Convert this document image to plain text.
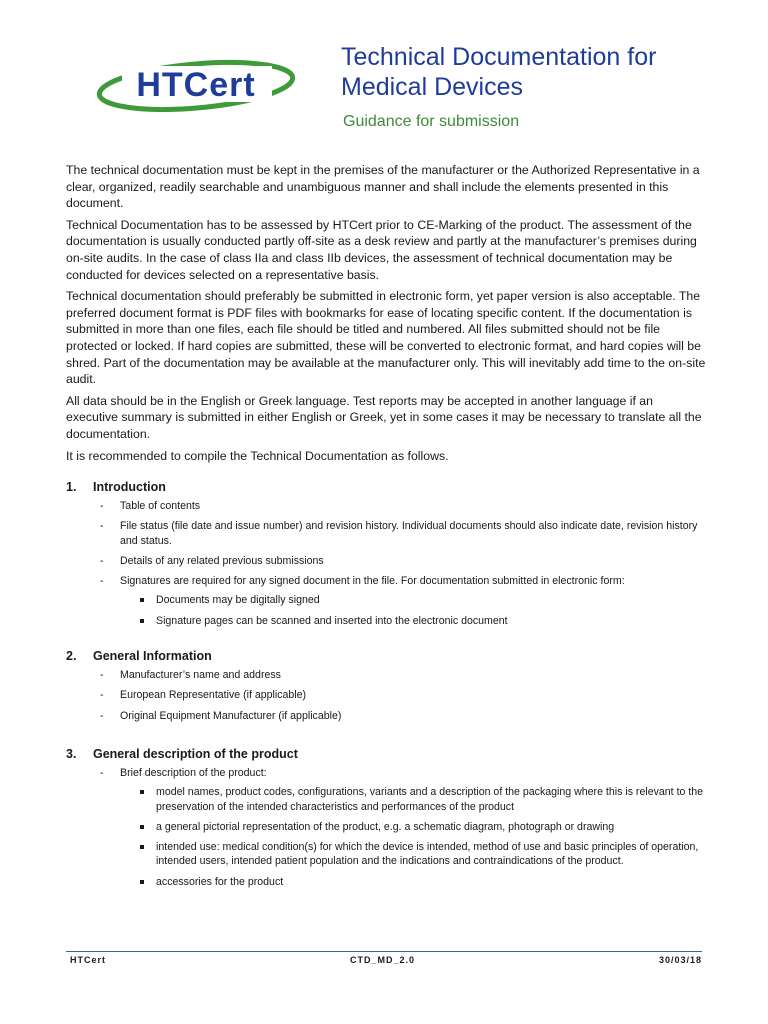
HTCert
Technical Documentation for Medical Devices
Guidance for submission

The technical documentation must be kept in the premises of the manufacturer or the Authorized Representative in a clear, organized, readily searchable and unambiguous manner and shall include the elements presented in this document.

Technical Documentation has to be assessed by HTCert prior to CE-Marking of the product. The assessment of the documentation is usually conducted partly off-site as a desk review and partly at the manufacturer’s premises during on-site audits. In the case of class IIa and class IIb devices, the assessment of technical documentation may be conducted for devices selected on a representative basis.

Technical documentation should preferably be submitted in electronic form, yet paper version is also acceptable. The preferred document format is PDF files with bookmarks for ease of locating specific content. If the documentation is submitted in more than one files, each file should be titled and numbered. All files submitted should not be file protected or locked. If hard copies are submitted, these will be converted to electronic format, and hard copies will be shred. Part of the documentation may be available at the manufacturer only. This will inevitably add time to the on-site audit.

All data should be in the English or Greek language. Test reports may be accepted in another language if an executive summary is submitted in either English or Greek, yet in some cases it may be necessary to translate all the documentation.

It is recommended to compile the Technical Documentation as follows.

1.	Introduction
- Table of contents
- File status (file date and issue number) and revision history. Individual documents should also indicate date, revision history and status.
- Details of any related previous submissions
- Signatures are required for any signed document in the file. For documentation submitted in electronic form:
Documents may be digitally signed
Signature pages can be scanned and inserted into the electronic document
2.	General Information
- Manufacturer’s name and address
- European Representative (if applicable)
- Original Equipment Manufacturer (if applicable)
3.	General description of the product
- Brief description of the product:
model names, product codes, configurations, variants and a description of the packaging where this is relevant to the preservation of the intended characteristics and performances of the product
a general pictorial representation of the product, e.g. a schematic diagram, photograph or drawing
intended use: medical condition(s) for which the device is intended, method of use and basic principles of operation, intended users, intended patient population and the indications and contraindications of the product.
accessories for the product
HTCert	CTD_MD_2.0	30/03/18
